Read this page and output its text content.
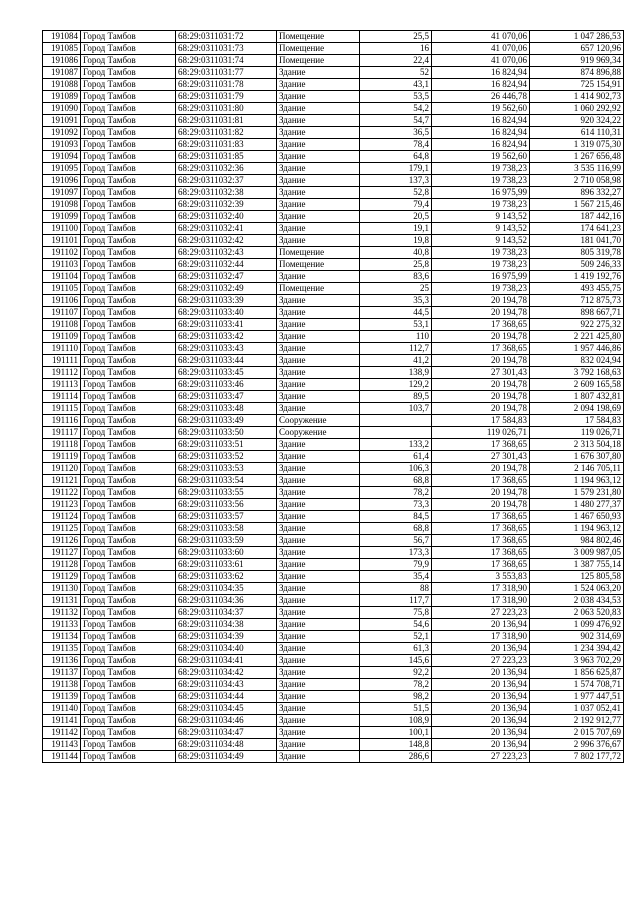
191084	Город Тамбов	68:29:0311031:72	Помещение	25,5	41 070,06	1 047 286,53
191085	Город Тамбов	68:29:0311031:73	Помещение	16	41 070,06	657 120,96
191086	Город Тамбов	68:29:0311031:74	Помещение	22,4	41 070,06	919 969,34
191087	Город Тамбов	68:29:0311031:77	Здание	52	16 824,94	874 896,88
191088	Город Тамбов	68:29:0311031:78	Здание	43,1	16 824,94	725 154,91
191089	Город Тамбов	68:29:0311031:79	Здание	53,5	26 446,78	1 414 902,73
191090	Город Тамбов	68:29:0311031:80	Здание	54,2	19 562,60	1 060 292,92
191091	Город Тамбов	68:29:0311031:81	Здание	54,7	16 824,94	920 324,22
191092	Город Тамбов	68:29:0311031:82	Здание	36,5	16 824,94	614 110,31
191093	Город Тамбов	68:29:0311031:83	Здание	78,4	16 824,94	1 319 075,30
191094	Город Тамбов	68:29:0311031:85	Здание	64,8	19 562,60	1 267 656,48
191095	Город Тамбов	68:29:0311032:36	Здание	179,1	19 738,23	3 535 116,99
191096	Город Тамбов	68:29:0311032:37	Здание	137,3	19 738,23	2 710 058,98
191097	Город Тамбов	68:29:0311032:38	Здание	52,8	16 975,99	896 332,27
191098	Город Тамбов	68:29:0311032:39	Здание	79,4	19 738,23	1 567 215,46
191099	Город Тамбов	68:29:0311032:40	Здание	20,5	9 143,52	187 442,16
191100	Город Тамбов	68:29:0311032:41	Здание	19,1	9 143,52	174 641,23
191101	Город Тамбов	68:29:0311032:42	Здание	19,8	9 143,52	181 041,70
191102	Город Тамбов	68:29:0311032:43	Помещение	40,8	19 738,23	805 319,78
191103	Город Тамбов	68:29:0311032:44	Помещение	25,8	19 738,23	509 246,33
191104	Город Тамбов	68:29:0311032:47	Здание	83,6	16 975,99	1 419 192,76
191105	Город Тамбов	68:29:0311032:49	Помещение	25	19 738,23	493 455,75
191106	Город Тамбов	68:29:0311033:39	Здание	35,3	20 194,78	712 875,73
191107	Город Тамбов	68:29:0311033:40	Здание	44,5	20 194,78	898 667,71
191108	Город Тамбов	68:29:0311033:41	Здание	53,1	17 368,65	922 275,32
191109	Город Тамбов	68:29:0311033:42	Здание	110	20 194,78	2 221 425,80
191110	Город Тамбов	68:29:0311033:43	Здание	112,7	17 368,65	1 957 446,86
191111	Город Тамбов	68:29:0311033:44	Здание	41,2	20 194,78	832 024,94
191112	Город Тамбов	68:29:0311033:45	Здание	138,9	27 301,43	3 792 168,63
191113	Город Тамбов	68:29:0311033:46	Здание	129,2	20 194,78	2 609 165,58
191114	Город Тамбов	68:29:0311033:47	Здание	89,5	20 194,78	1 807 432,81
191115	Город Тамбов	68:29:0311033:48	Здание	103,7	20 194,78	2 094 198,69
191116	Город Тамбов	68:29:0311033:49	Сооружение		17 584,83	17 584,83
191117	Город Тамбов	68:29:0311033:50	Сооружение		119 026,71	119 026,71
191118	Город Тамбов	68:29:0311033:51	Здание	133,2	17 368,65	2 313 504,18
191119	Город Тамбов	68:29:0311033:52	Здание	61,4	27 301,43	1 676 307,80
191120	Город Тамбов	68:29:0311033:53	Здание	106,3	20 194,78	2 146 705,11
191121	Город Тамбов	68:29:0311033:54	Здание	68,8	17 368,65	1 194 963,12
191122	Город Тамбов	68:29:0311033:55	Здание	78,2	20 194,78	1 579 231,80
191123	Город Тамбов	68:29:0311033:56	Здание	73,3	20 194,78	1 480 277,37
191124	Город Тамбов	68:29:0311033:57	Здание	84,5	17 368,65	1 467 650,93
191125	Город Тамбов	68:29:0311033:58	Здание	68,8	17 368,65	1 194 963,12
191126	Город Тамбов	68:29:0311033:59	Здание	56,7	17 368,65	984 802,46
191127	Город Тамбов	68:29:0311033:60	Здание	173,3	17 368,65	3 009 987,05
191128	Город Тамбов	68:29:0311033:61	Здание	79,9	17 368,65	1 387 755,14
191129	Город Тамбов	68:29:0311033:62	Здание	35,4	3 553,83	125 805,58
191130	Город Тамбов	68:29:0311034:35	Здание	88	17 318,90	1 524 063,20
191131	Город Тамбов	68:29:0311034:36	Здание	117,7	17 318,90	2 038 434,53
191132	Город Тамбов	68:29:0311034:37	Здание	75,8	27 223,23	2 063 520,83
191133	Город Тамбов	68:29:0311034:38	Здание	54,6	20 136,94	1 099 476,92
191134	Город Тамбов	68:29:0311034:39	Здание	52,1	17 318,90	902 314,69
191135	Город Тамбов	68:29:0311034:40	Здание	61,3	20 136,94	1 234 394,42
191136	Город Тамбов	68:29:0311034:41	Здание	145,6	27 223,23	3 963 702,29
191137	Город Тамбов	68:29:0311034:42	Здание	92,2	20 136,94	1 856 625,87
191138	Город Тамбов	68:29:0311034:43	Здание	78,2	20 136,94	1 574 708,71
191139	Город Тамбов	68:29:0311034:44	Здание	98,2	20 136,94	1 977 447,51
191140	Город Тамбов	68:29:0311034:45	Здание	51,5	20 136,94	1 037 052,41
191141	Город Тамбов	68:29:0311034:46	Здание	108,9	20 136,94	2 192 912,77
191142	Город Тамбов	68:29:0311034:47	Здание	100,1	20 136,94	2 015 707,69
191143	Город Тамбов	68:29:0311034:48	Здание	148,8	20 136,94	2 996 376,67
191144	Город Тамбов	68:29:0311034:49	Здание	286,6	27 223,23	7 802 177,72
